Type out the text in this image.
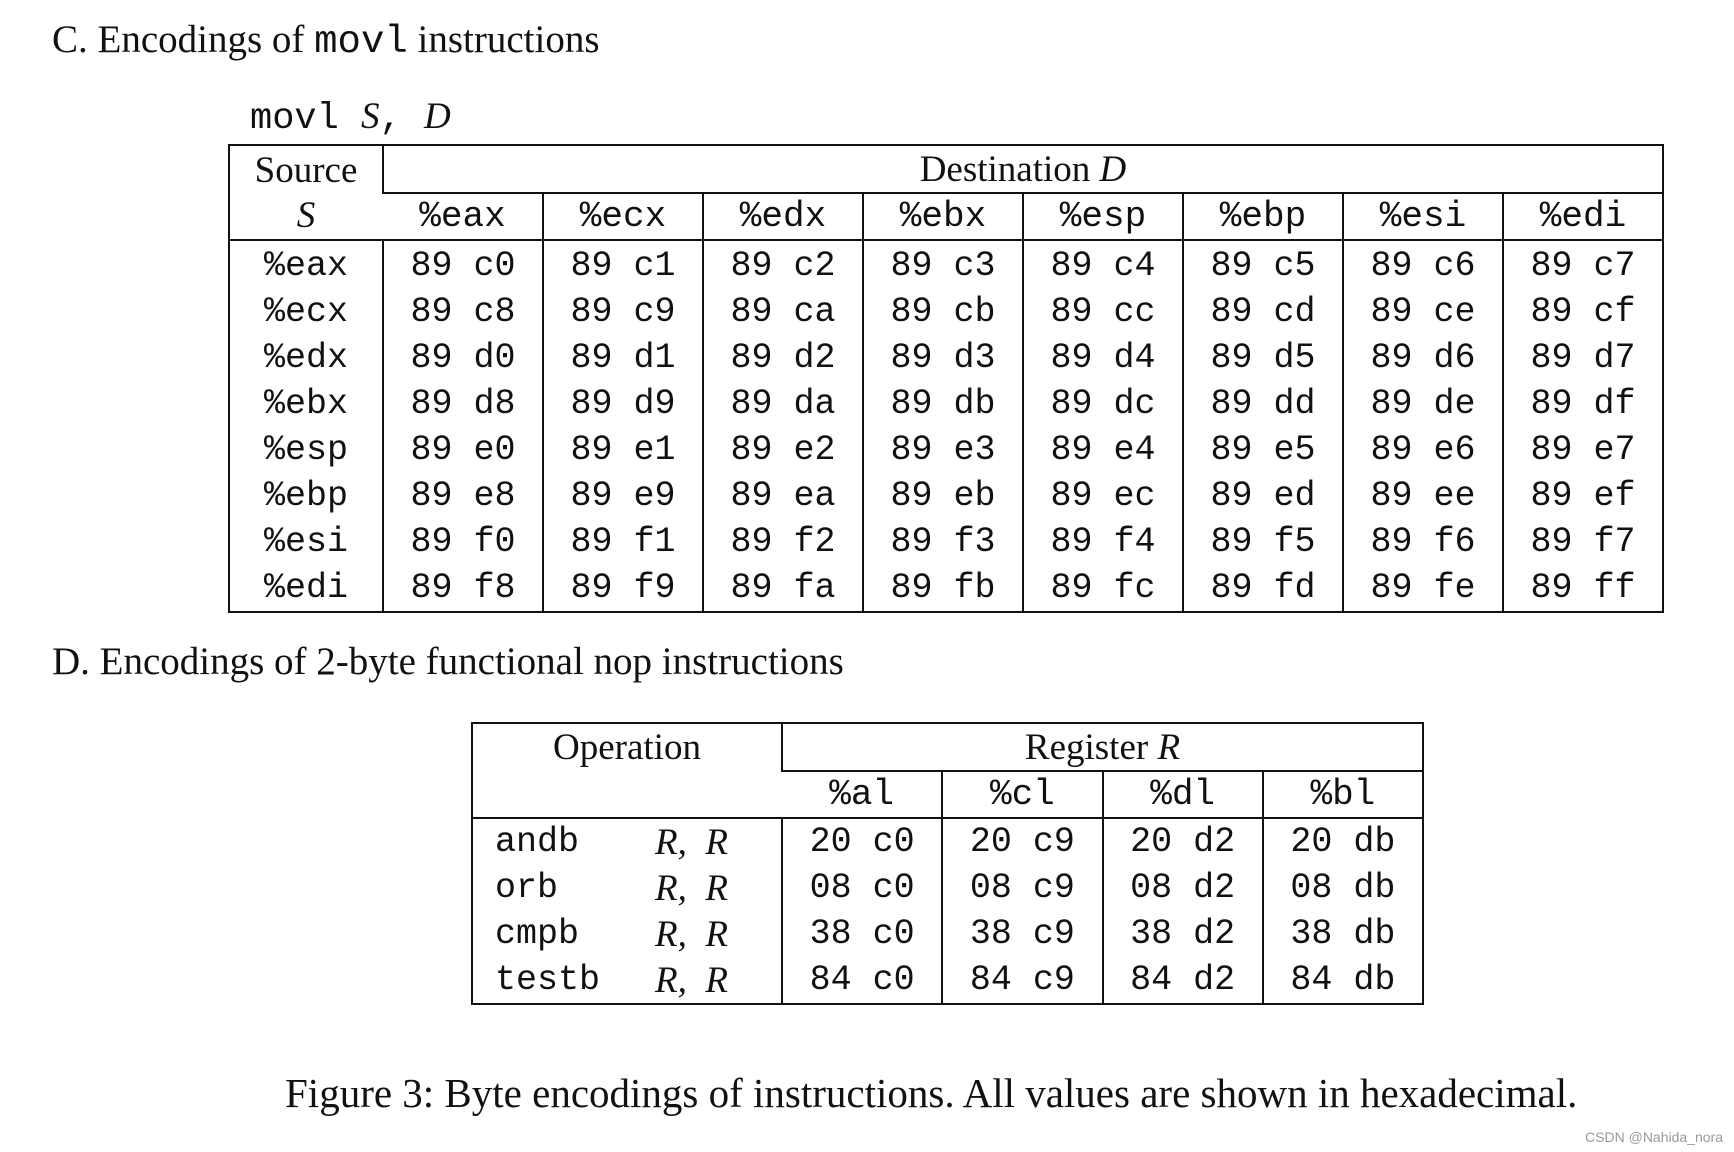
C. Encodings of movl instructions
movl S, D
Source
S	Destination D							
	%eax	%ecx	%edx	%ebx	%esp	%ebp	%esi	%edi
%eax	89 c0	89 c1	89 c2	89 c3	89 c4	89 c5	89 c6	89 c7
%ecx	89 c8	89 c9	89 ca	89 cb	89 cc	89 cd	89 ce	89 cf
%edx	89 d0	89 d1	89 d2	89 d3	89 d4	89 d5	89 d6	89 d7
%ebx	89 d8	89 d9	89 da	89 db	89 dc	89 dd	89 de	89 df
%esp	89 e0	89 e1	89 e2	89 e3	89 e4	89 e5	89 e6	89 e7
%ebp	89 e8	89 e9	89 ea	89 eb	89 ec	89 ed	89 ee	89 ef
%esi	89 f0	89 f1	89 f2	89 f3	89 f4	89 f5	89 f6	89 f7
%edi	89 f8	89 f9	89 fa	89 fb	89 fc	89 fd	89 fe	89 ff
D. Encodings of 2-byte functional nop instructions
Operation	Register R			
	%al	%cl	%dl	%bl

andb R,  R	20 c0	20 c9	20 d2	20 db

orb R,  R	08 c0	08 c9	08 d2	08 db

cmpb R,  R	38 c0	38 c9	38 d2	38 db

testb R,  R	84 c0	84 c9	84 d2	84 db
Figure 3: Byte encodings of instructions. All values are shown in hexadecimal.
CSDN @Nahida_nora
